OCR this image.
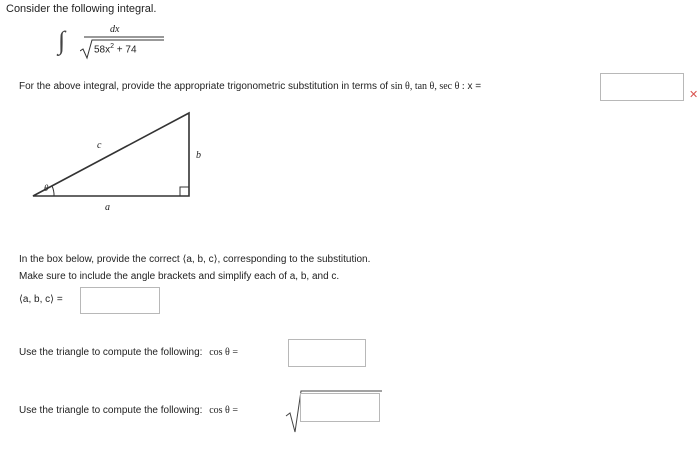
Consider the following integral.
∫	dx
$58x^2 + 74$
For the above integral, provide the appropriate trigonometric substitution in terms of sin θ, tan θ, sec θ : x =
✕
c
b
a
θ
In the box below, provide the correct ⟨a, b, c⟩, corresponding to the substitution.
Make sure to include the angle brackets and simplify each of a, b, and c.
⟨a, b, c⟩ =
Use the triangle to compute the following: cos θ =
Use the triangle to compute the following: cos θ =
